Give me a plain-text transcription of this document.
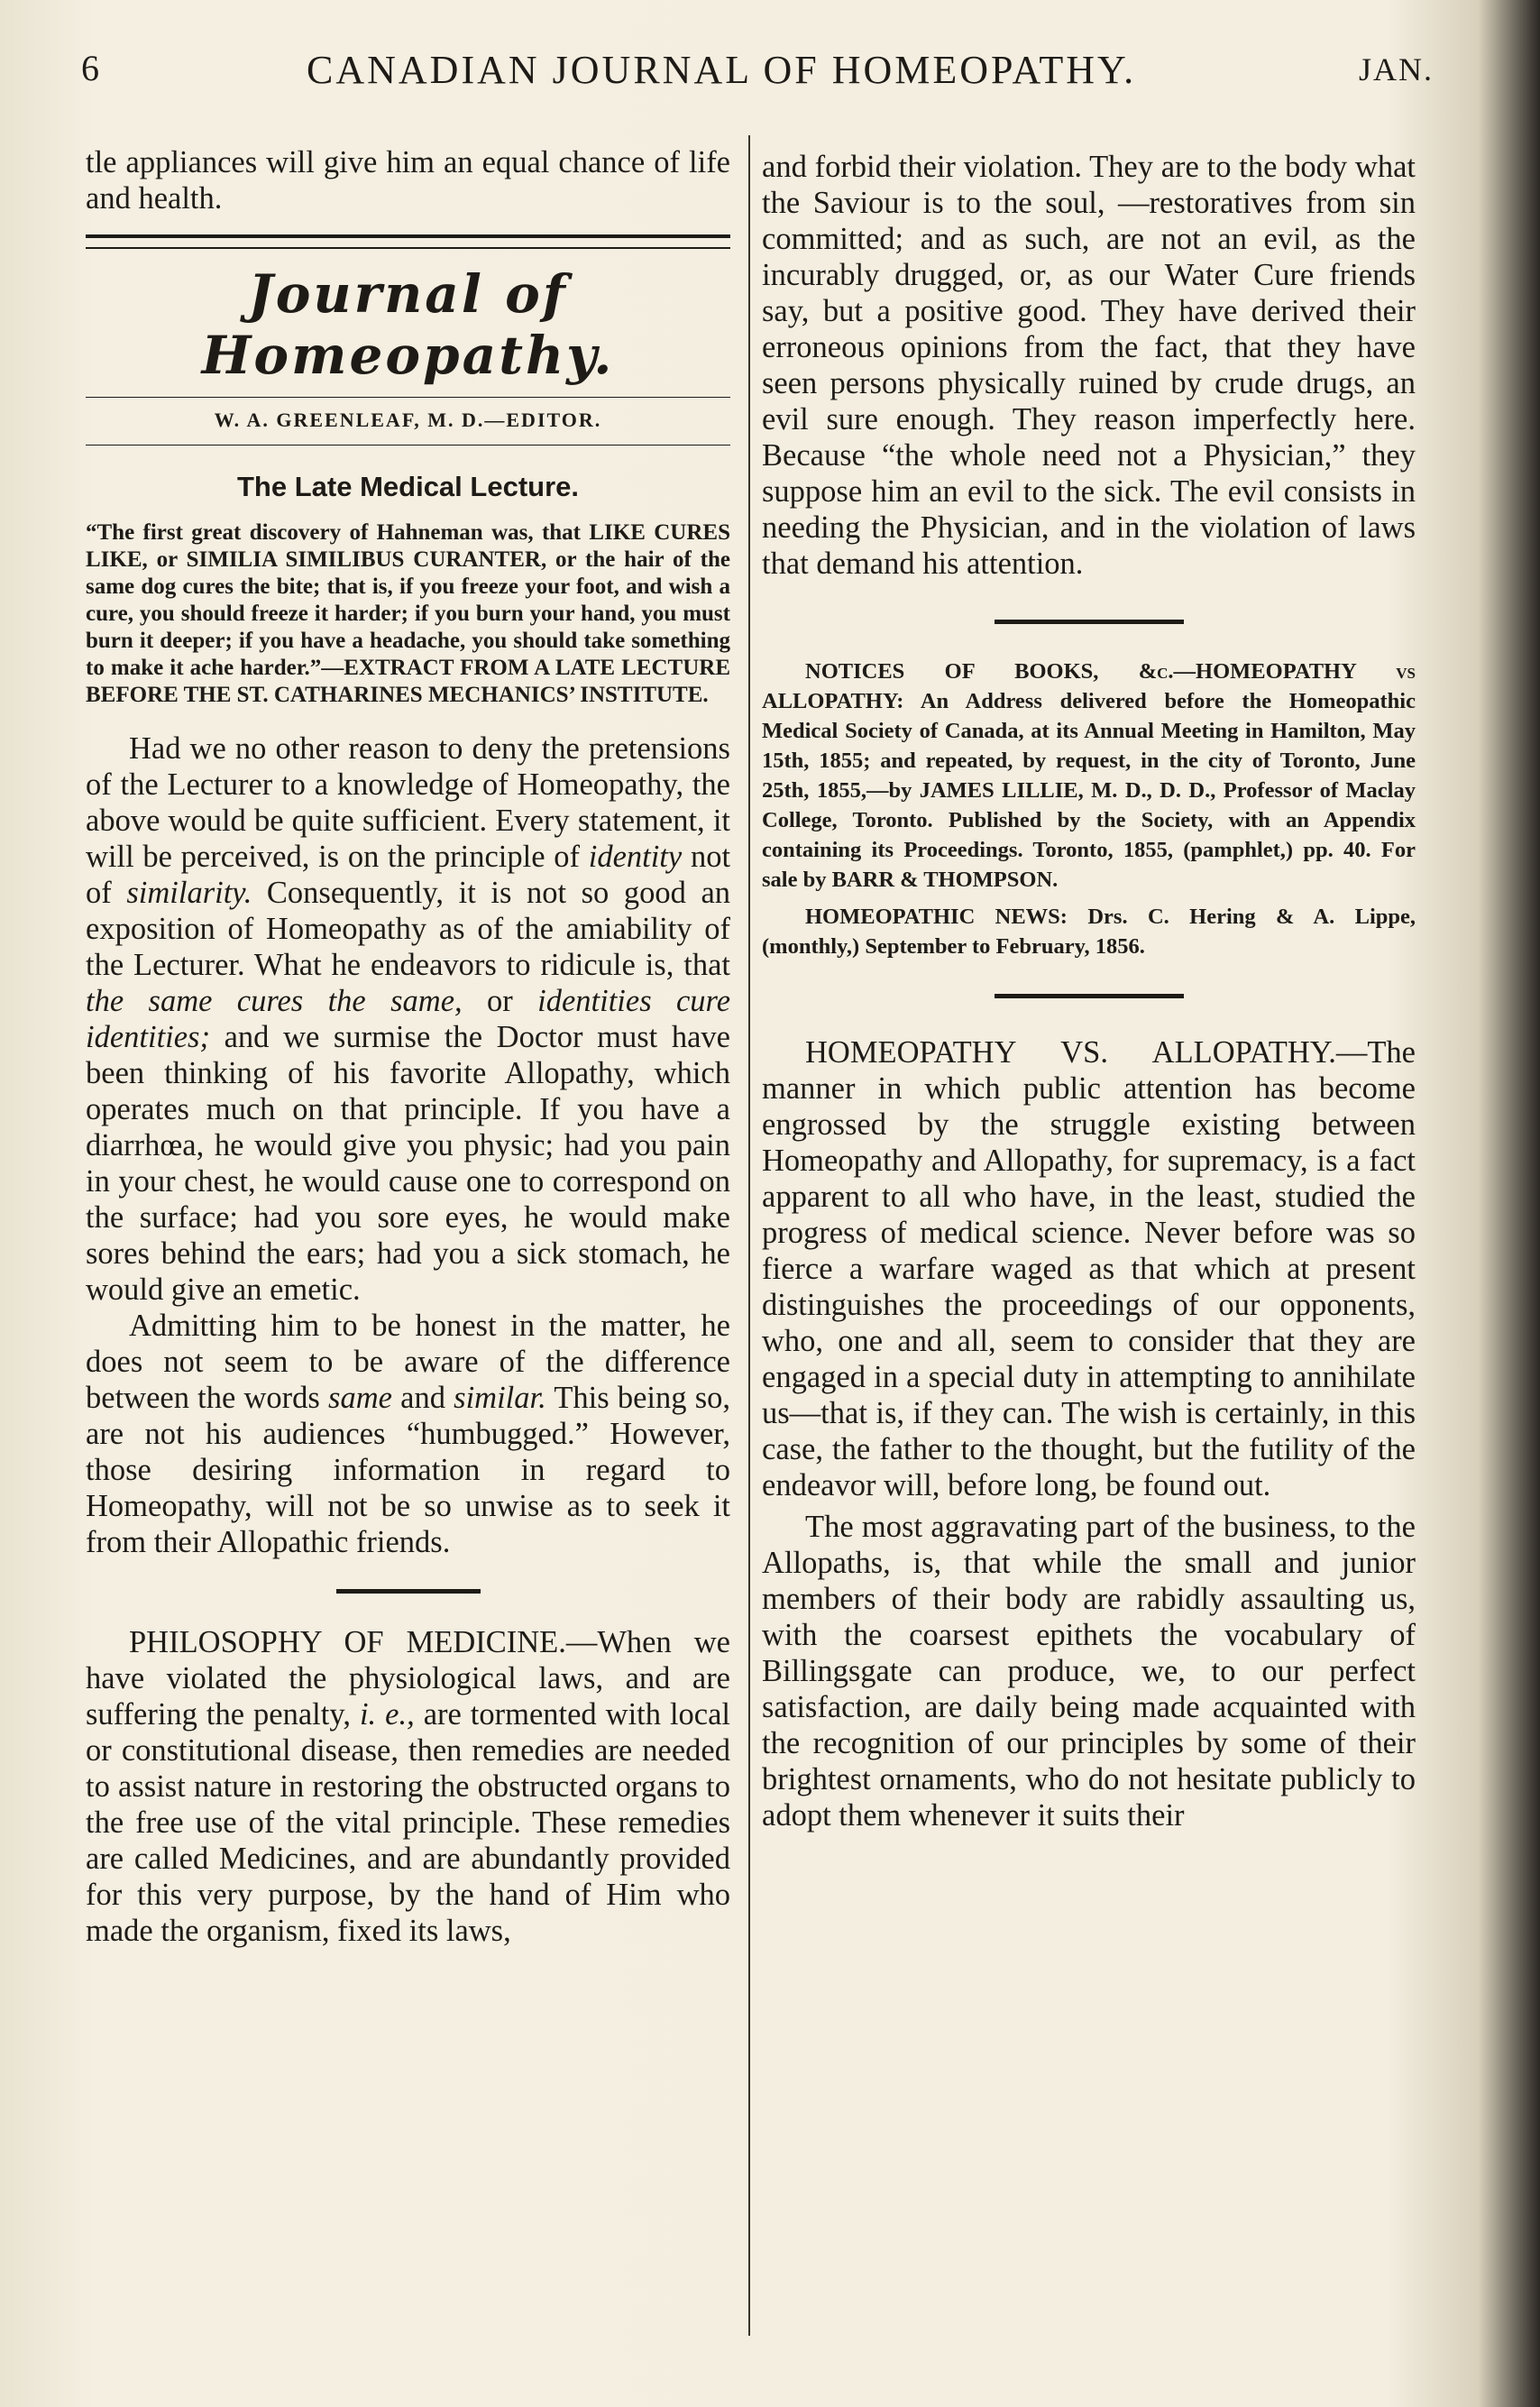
6	CANADIAN JOURNAL OF HOMEOPATHY.	JAN.

tle appliances will give him an equal chance of life and health.

Journal of Homeopathy.
W. A. GREENLEAF, M. D.—EDITOR.
The Late Medical Lecture.

“The first great discovery of Hahneman was, that LIKE CURES LIKE, or SIMILIA SIMILIBUS CURANTER, or the hair of the same dog cures the bite; that is, if you freeze your foot, and wish a cure, you should freeze it harder; if you burn your hand, you must burn it deeper; if you have a headache, you should take something to make it ache harder.”—EXTRACT FROM A LATE LECTURE BEFORE THE ST. CATHARINES MECHANICS’ INSTITUTE.

Had we no other reason to deny the pretensions of the Lecturer to a knowledge of Homeopathy, the above would be quite sufficient. Every statement, it will be perceived, is on the principle of identity not of similarity. Consequently, it is not so good an exposition of Homeopathy as of the amiability of the Lecturer. What he endeavors to ridicule is, that the same cures the same, or identities cure identities; and we surmise the Doctor must have been thinking of his favorite Allopathy, which operates much on that principle. If you have a diarrhœa, he would give you physic; had you pain in your chest, he would cause one to correspond on the surface; had you sore eyes, he would make sores behind the ears; had you a sick stomach, he would give an emetic.

Admitting him to be honest in the matter, he does not seem to be aware of the difference between the words same and similar. This being so, are not his audiences “humbugged.” However, those desiring information in regard to Homeopathy, will not be so unwise as to seek it from their Allopathic friends.

PHILOSOPHY OF MEDICINE.—When we have violated the physiological laws, and are suffering the penalty, i. e., are tormented with local or constitutional disease, then remedies are needed to assist nature in restoring the obstructed organs to the free use of the vital principle. These remedies are called Medicines, and are abundantly provided for this very purpose, by the hand of Him who made the organism, fixed its laws,

and forbid their violation. They are to the body what the Saviour is to the soul, —restoratives from sin committed; and as such, are not an evil, as the incurably drugged, or, as our Water Cure friends say, but a positive good. They have derived their erroneous opinions from the fact, that they have seen persons physically ruined by crude drugs, an evil sure enough. They reason imperfectly here. Because “the whole need not a Physician,” they suppose him an evil to the sick. The evil consists in needing the Physician, and in the violation of laws that demand his attention.

NOTICES OF BOOKS, &c.—HOMEOPATHY vs ALLOPATHY: An Address delivered before the Homeopathic Medical Society of Canada, at its Annual Meeting in Hamilton, May 15th, 1855; and repeated, by request, in the city of Toronto, June 25th, 1855,—by JAMES LILLIE, M. D., D. D., Professor of Maclay College, Toronto. Published by the Society, with an Appendix containing its Proceedings. Toronto, 1855, (pamphlet,) pp. 40. For sale by BARR & THOMPSON.

HOMEOPATHIC NEWS: Drs. C. Hering & A. Lippe, (monthly,) September to February, 1856.

HOMEOPATHY VS. ALLOPATHY.—The manner in which public attention has become engrossed by the struggle existing between Homeopathy and Allopathy, for supremacy, is a fact apparent to all who have, in the least, studied the progress of medical science. Never before was so fierce a warfare waged as that which at present distinguishes the proceedings of our opponents, who, one and all, seem to consider that they are engaged in a special duty in attempting to annihilate us—that is, if they can. The wish is certainly, in this case, the father to the thought, but the futility of the endeavor will, before long, be found out.

The most aggravating part of the business, to the Allopaths, is, that while the small and junior members of their body are rabidly assaulting us, with the coarsest epithets the vocabulary of Billingsgate can produce, we, to our perfect satisfaction, are daily being made acquainted with the recognition of our principles by some of their brightest ornaments, who do not hesitate publicly to adopt them whenever it suits their
